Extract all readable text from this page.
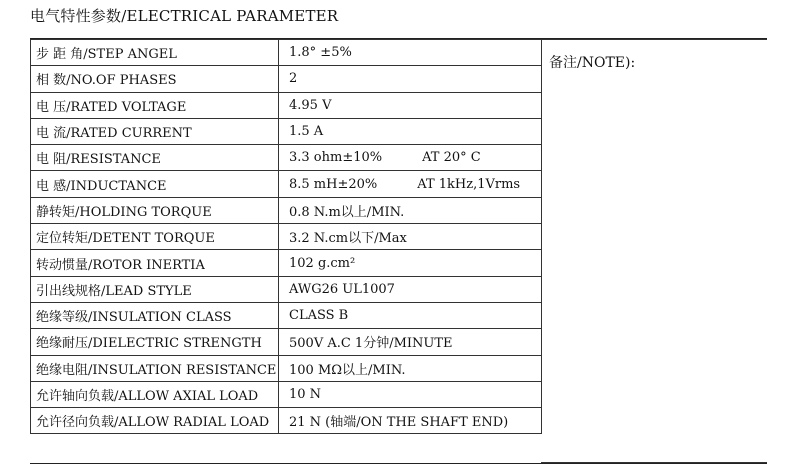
电气特性参数/ELECTRICAL PARAMETER
步 距 角/STEP ANGEL	1.8° ±5%
相 数/NO.OF PHASES	2
电 压/RATED VOLTAGE	4.95 V
电 流/RATED CURRENT	1.5 A
电 阻/RESISTANCE	3.3 ohm±10% AT 20° C
电 感/INDUCTANCE	8.5 mH±20% AT 1kHz,1Vrms
静转矩/HOLDING TORQUE	0.8 N.m以上/MIN.
定位转矩/DETENT TORQUE	3.2 N.cm以下/Max
转动惯量/ROTOR INERTIA	102 g.cm²
引出线规格/LEAD STYLE	AWG26 UL1007
绝缘等级/INSULATION CLASS	CLASS B
绝缘耐压/DIELECTRIC STRENGTH	500V A.C 1分钟/MINUTE
绝缘电阻/INSULATION RESISTANCE	100 MΩ以上/MIN.
允许轴向负载/ALLOW AXIAL LOAD	10 N
允许径向负载/ALLOW RADIAL LOAD	21 N (轴端/ON THE SHAFT END)
备注/NOTE):
